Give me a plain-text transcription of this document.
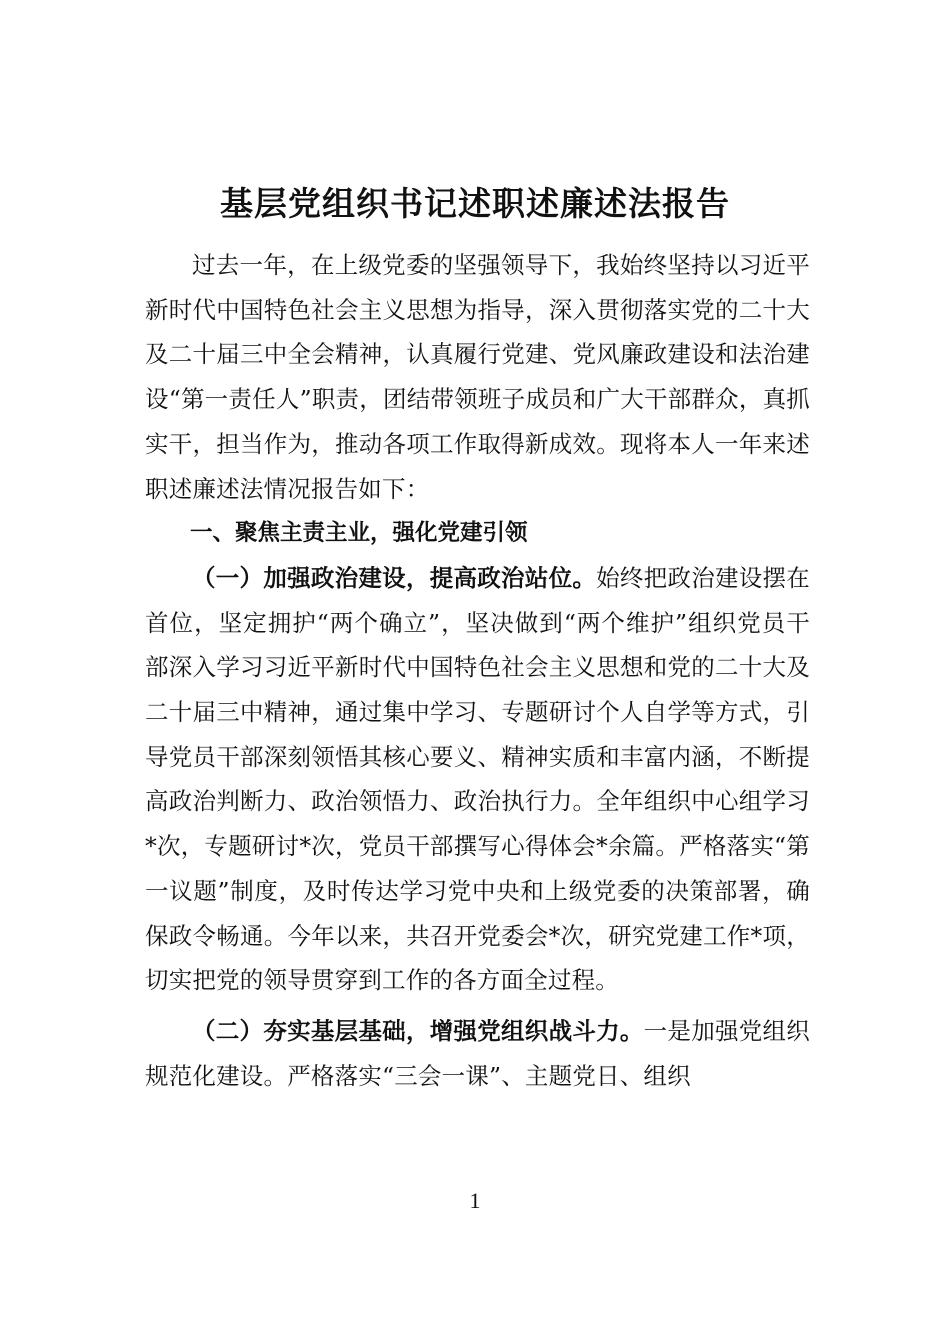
基层党组织书记述职述廉述法报告

过去一年，在上级党委的坚强领导下，我始终坚持以习近平新时代中国特色社会主义思想为指导，深入贯彻落实党的二十大及二十届三中全会精神，认真履行党建、党风廉政建设和法治建设“第一责任人”职责，团结带领班子成员和广大干部群众，真抓实干，担当作为，推动各项工作取得新成效。现将本人一年来述职述廉述法情况报告如下：

一、聚焦主责主业，强化党建引领

（一）加强政治建设，提高政治站位。始终把政治建设摆在首位，坚定拥护“两个确立”，坚决做到“两个维护”组织党员干部深入学习习近平新时代中国特色社会主义思想和党的二十大及二十届三中精神，通过集中学习、专题研讨个人自学等方式，引导党员干部深刻领悟其核心要义、精神实质和丰富内涵，不断提高政治判断力、政治领悟力、政治执行力。全年组织中心组学习*次，专题研讨*次，党员干部撰写心得体会*余篇。严格落实“第一议题”制度，及时传达学习党中央和上级党委的决策部署，确保政令畅通。今年以来，共召开党委会*次，研究党建工作*项，切实把党的领导贯穿到工作的各方面全过程。

（二）夯实基层基础，增强党组织战斗力。一是加强党组织规范化建设。严格落实“三会一课”、主题党日、组织

1
